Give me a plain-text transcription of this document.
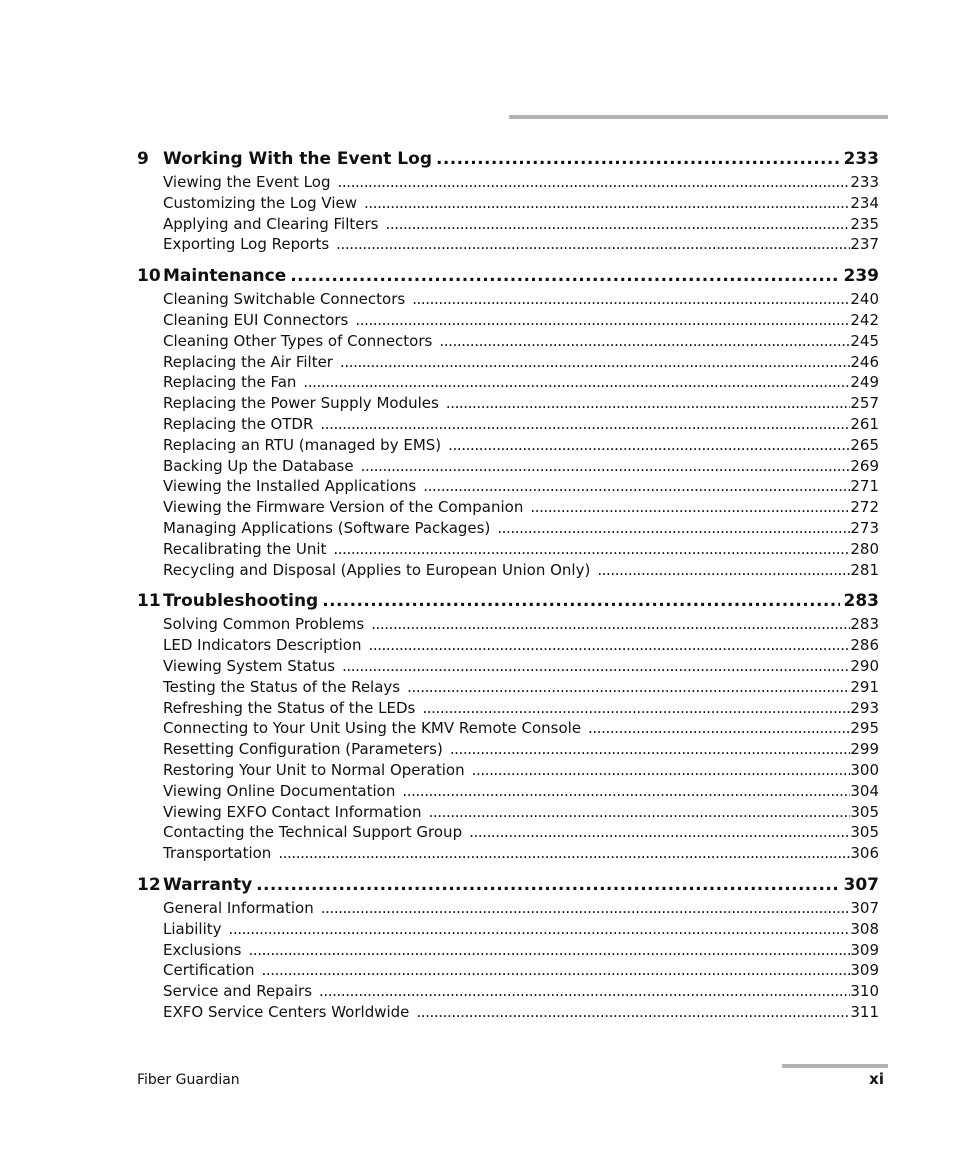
9 Working With the Event Log .....	233
Viewing the Event Log .....	233
Customizing the Log View .....	234
Applying and Clearing Filters .....	235
Exporting Log Reports .....	237
10 Maintenance .....	239
Cleaning Switchable Connectors .....	240
Cleaning EUI Connectors .....	242
Cleaning Other Types of Connectors .....	245
Replacing the Air Filter .....	246
Replacing the Fan .....	249
Replacing the Power Supply Modules .....	257
Replacing the OTDR .....	261
Replacing an RTU (managed by EMS) .....	265
Backing Up the Database .....	269
Viewing the Installed Applications .....	271
Viewing the Firmware Version of the Companion .....	272
Managing Applications (Software Packages) .....	273
Recalibrating the Unit .....	280
Recycling and Disposal (Applies to European Union Only) .....	281
11 Troubleshooting .....	283
Solving Common Problems .....	283
LED Indicators Description .....	286
Viewing System Status .....	290
Testing the Status of the Relays .....	291
Refreshing the Status of the LEDs .....	293
Connecting to Your Unit Using the KMV Remote Console .....	295
Resetting Configuration (Parameters) .....	299
Restoring Your Unit to Normal Operation .....	300
Viewing Online Documentation .....	304
Viewing EXFO Contact Information .....	305
Contacting the Technical Support Group .....	305
Transportation .....	306
12 Warranty .....	307
General Information .....	307
Liability .....	308
Exclusions .....	309
Certification .....	309
Service and Repairs .....	310
EXFO Service Centers Worldwide .....	311
Fiber Guardian	xi
